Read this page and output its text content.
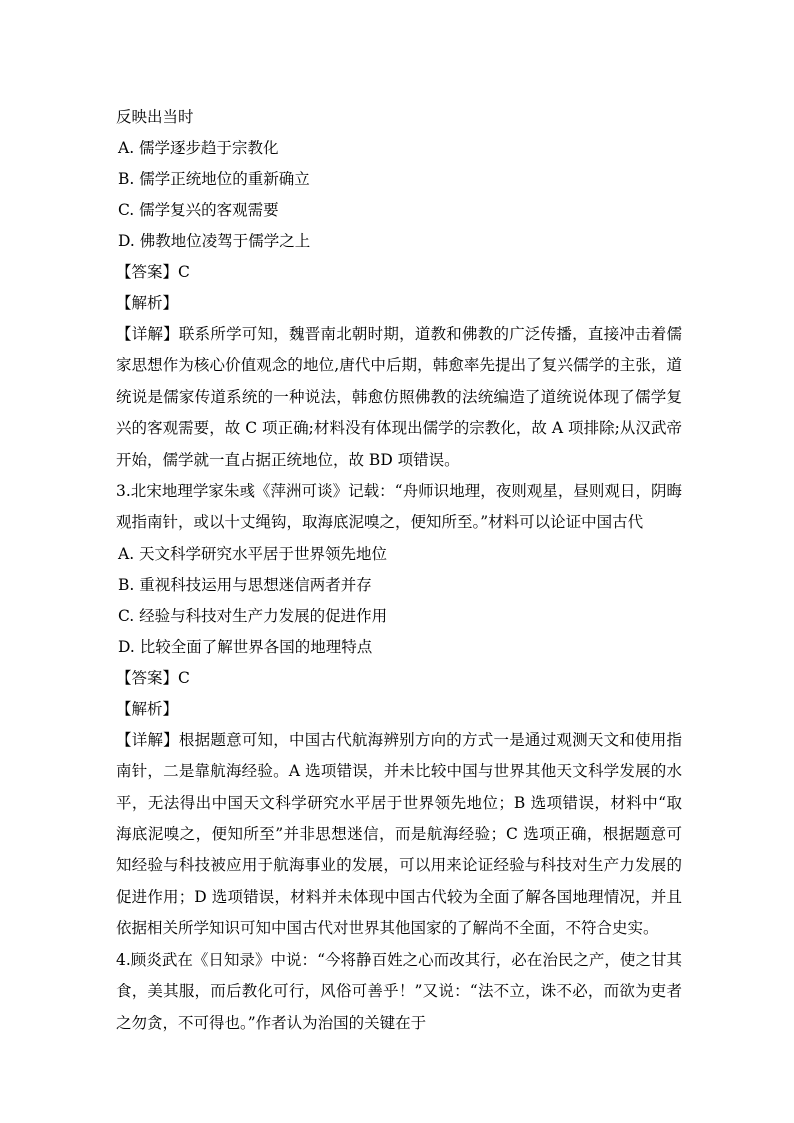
反映出当时
A. 儒学逐步趋于宗教化
B. 儒学正统地位的重新确立
C. 儒学复兴的客观需要
D. 佛教地位凌驾于儒学之上
【答案】C
【解析】
【详解】联系所学可知，魏晋南北朝时期，道教和佛教的广泛传播，直接冲击着儒家思想作为核心价值观念的地位,唐代中后期，韩愈率先提出了复兴儒学的主张，道统说是儒家传道系统的一种说法，韩愈仿照佛教的法统编造了道统说体现了儒学复兴的客观需要，故 C 项正确;材料没有体现出儒学的宗教化，故 A 项排除;从汉武帝开始，儒学就一直占据正统地位，故 BD 项错误。
3.北宋地理学家朱彧《萍洲可谈》记载：“舟师识地理，夜则观星，昼则观日，阴晦观指南针，或以十丈绳钩，取海底泥嗅之，便知所至。”材料可以论证中国古代
A. 天文科学研究水平居于世界领先地位
B. 重视科技运用与思想迷信两者并存
C. 经验与科技对生产力发展的促进作用
D. 比较全面了解世界各国的地理特点
【答案】C
【解析】
【详解】根据题意可知，中国古代航海辨别方向的方式一是通过观测天文和使用指南针，二是靠航海经验。A 选项错误，并未比较中国与世界其他天文科学发展的水平，无法得出中国天文科学研究水平居于世界领先地位；B 选项错误，材料中“取海底泥嗅之，便知所至”并非思想迷信，而是航海经验；C 选项正确，根据题意可知经验与科技被应用于航海事业的发展，可以用来论证经验与科技对生产力发展的促进作用；D 选项错误，材料并未体现中国古代较为全面了解各国地理情况，并且依据相关所学知识可知中国古代对世界其他国家的了解尚不全面，不符合史实。
4.顾炎武在《日知录》中说：“今将静百姓之心而改其行，必在治民之产，使之甘其食，美其服，而后教化可行，风俗可善乎！”又说：“法不立，诛不必，而欲为吏者之勿贪，不可得也。”作者认为治国的关键在于
